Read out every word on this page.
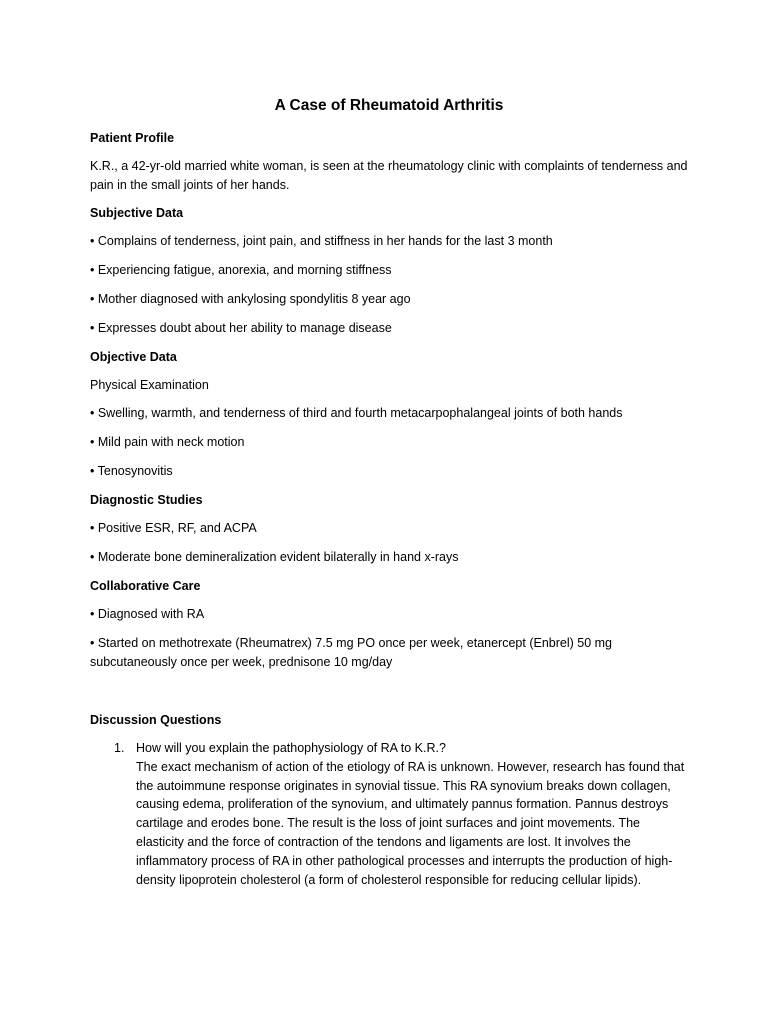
A Case of Rheumatoid Arthritis
Patient Profile
K.R., a 42-yr-old married white woman, is seen at the rheumatology clinic with complaints of tenderness and pain in the small joints of her hands.
Subjective Data
• Complains of tenderness, joint pain, and stiffness in her hands for the last 3 month
• Experiencing fatigue, anorexia, and morning stiffness
• Mother diagnosed with ankylosing spondylitis 8 year ago
• Expresses doubt about her ability to manage disease
Objective Data
Physical Examination
• Swelling, warmth, and tenderness of third and fourth metacarpophalangeal joints of both hands
• Mild pain with neck motion
• Tenosynovitis
Diagnostic Studies
• Positive ESR, RF, and ACPA
• Moderate bone demineralization evident bilaterally in hand x-rays
Collaborative Care
• Diagnosed with RA
• Started on methotrexate (Rheumatrex) 7.5 mg PO once per week, etanercept (Enbrel) 50 mg subcutaneously once per week, prednisone 10 mg/day
Discussion Questions
1. How will you explain the pathophysiology of RA to K.R.?
The exact mechanism of action of the etiology of RA is unknown. However, research has found that the autoimmune response originates in synovial tissue. This RA synovium breaks down collagen, causing edema, proliferation of the synovium, and ultimately pannus formation. Pannus destroys cartilage and erodes bone. The result is the loss of joint surfaces and joint movements. The elasticity and the force of contraction of the tendons and ligaments are lost. It involves the inflammatory process of RA in other pathological processes and interrupts the production of high-density lipoprotein cholesterol (a form of cholesterol responsible for reducing cellular lipids).
